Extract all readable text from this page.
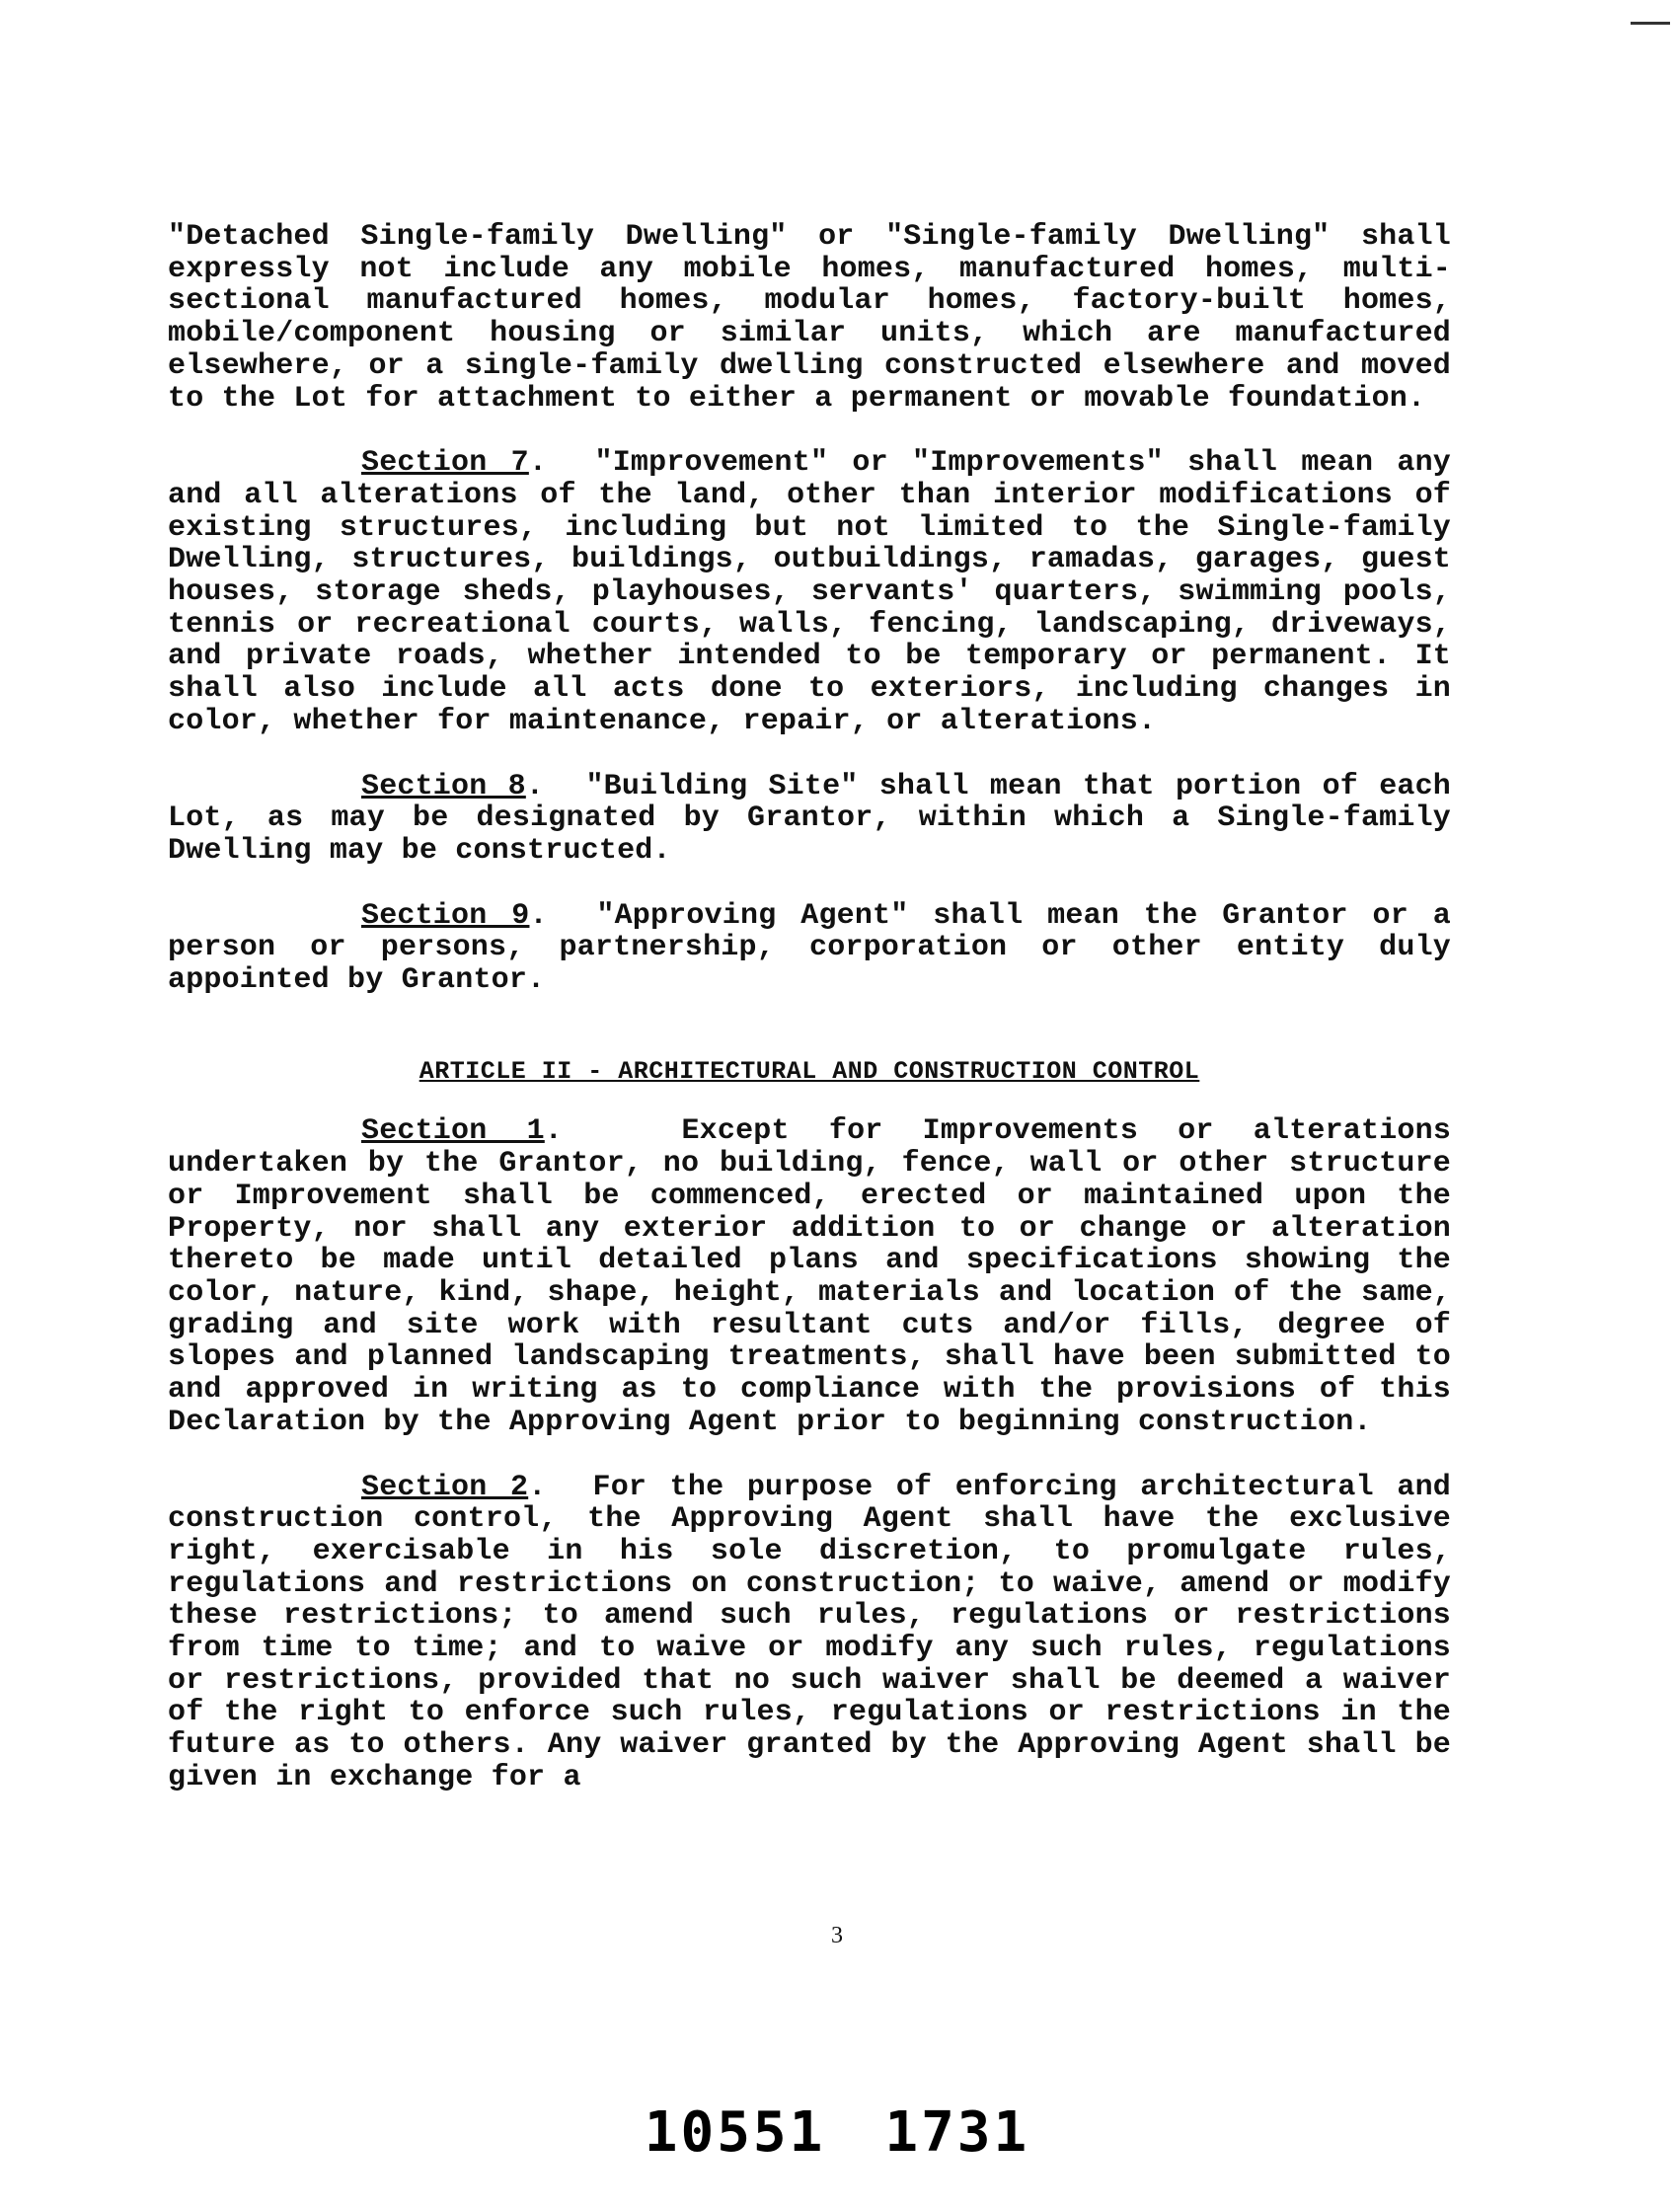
"Detached Single-family Dwelling" or "Single-family Dwelling" shall expressly not include any mobile homes, manufactured homes, multi-sectional manufactured homes, modular homes, factory-built homes, mobile/component housing or similar units, which are manufactured elsewhere, or a single-family dwelling constructed elsewhere and moved to the Lot for attachment to either a permanent or movable foundation.

Section 7.  "Improvement" or "Improvements" shall mean any and all alterations of the land, other than interior modifications of existing structures, including but not limited to the Single-family Dwelling, structures, buildings, outbuildings, ramadas, garages, guest houses, storage sheds, playhouses, servants' quarters, swimming pools, tennis or recreational courts, walls, fencing, landscaping, driveways, and private roads, whether intended to be temporary or permanent. It shall also include all acts done to exteriors, including changes in color, whether for maintenance, repair, or alterations.

Section 8.  "Building Site" shall mean that portion of each Lot, as may be designated by Grantor, within which a Single-family Dwelling may be constructed.

Section 9.  "Approving Agent" shall mean the Grantor or a person or persons, partnership, corporation or other entity duly appointed by Grantor.

ARTICLE II - ARCHITECTURAL AND CONSTRUCTION CONTROL

Section 1.   Except for Improvements or alterations undertaken by the Grantor, no building, fence, wall or other structure or Improvement shall be commenced, erected or maintained upon the Property, nor shall any exterior addition to or change or alteration thereto be made until detailed plans and specifications showing the color, nature, kind, shape, height, materials and location of the same, grading and site work with resultant cuts and/or fills, degree of slopes and planned landscaping treatments, shall have been submitted to and approved in writing as to compliance with the provisions of this Declaration by the Approving Agent prior to beginning construction.

Section 2.  For the purpose of enforcing architectural and construction control, the Approving Agent shall have the exclusive right, exercisable in his sole discretion, to promulgate rules, regulations and restrictions on construction; to waive, amend or modify these restrictions; to amend such rules, regulations or restrictions from time to time; and to waive or modify any such rules, regulations or restrictions, provided that no such waiver shall be deemed a waiver of the right to enforce such rules, regulations or restrictions in the future as to others. Any waiver granted by the Approving Agent shall be given in exchange for a

3
10551 1731
